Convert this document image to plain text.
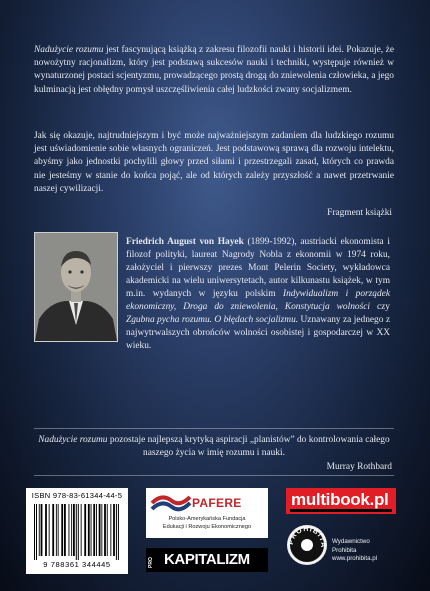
Nadużycie rozumu jest fascynującą książką z zakresu filozofii nauki i historii idei. Pokazuje, że nowożytny racjonalizm, który jest podstawą sukcesów nauki i techniki, występuje również w wynaturzonej postaci scjentyzmu, prowadzącego prostą drogą do zniewolenia człowieka, a jego kulminacją jest obłędny pomysł uszczęśliwienia całej ludzkości zwany socjalizmem.

Jak się okazuje, najtrudniejszym i być może najważniejszym zadaniem dla ludzkiego rozumu jest uświadomienie sobie własnych ograniczeń. Jest podstawową sprawą dla rozwoju intelektu, abyśmy jako jednostki pochylili głowy przed siłami i przestrzegali zasad, których co prawda nie jesteśmy w stanie do końca pojąć, ale od których zależy przyszłość a nawet przetrwanie naszej cywilizacji.

Fragment książki

Friedrich August von Hayek (1899-1992), austriacki ekonomista i filozof polityki, laureat Nagrody Nobla z ekonomii w 1974 roku, założyciel i pierwszy prezes Mont Pelerin Society, wykładowca akademicki na wielu uniwersytetach, autor kilkunastu książek, w tym m.in. wydanych w języku polskim Indywidualizm i porządek ekonomiczny, Droga do zniewolenia, Konstytucja wolności czy Zgubna pycha rozumu. O błędach socjalizmu. Uznawany za jednego z najwytrwalszych obrońców wolności osobistej i gospodarczej w XX wieku.

Nadużycie rozumu pozostaje najlepszą krytyką aspiracji „planistów” do kontrolowania całego naszego życia w imię rozumu i nauki.

Murray Rothbard

ISBN 978-83-61344-44-5
9 788361 344445
PAFERE
Polsko-Amerykańska Fundacja
Edukacji i Rozwoju Ekonomicznego
PRO KAPITALIZM
multibook.pl
PROHIBITA

Wydawnictwo
Prohibita
www.prohibita.pl
